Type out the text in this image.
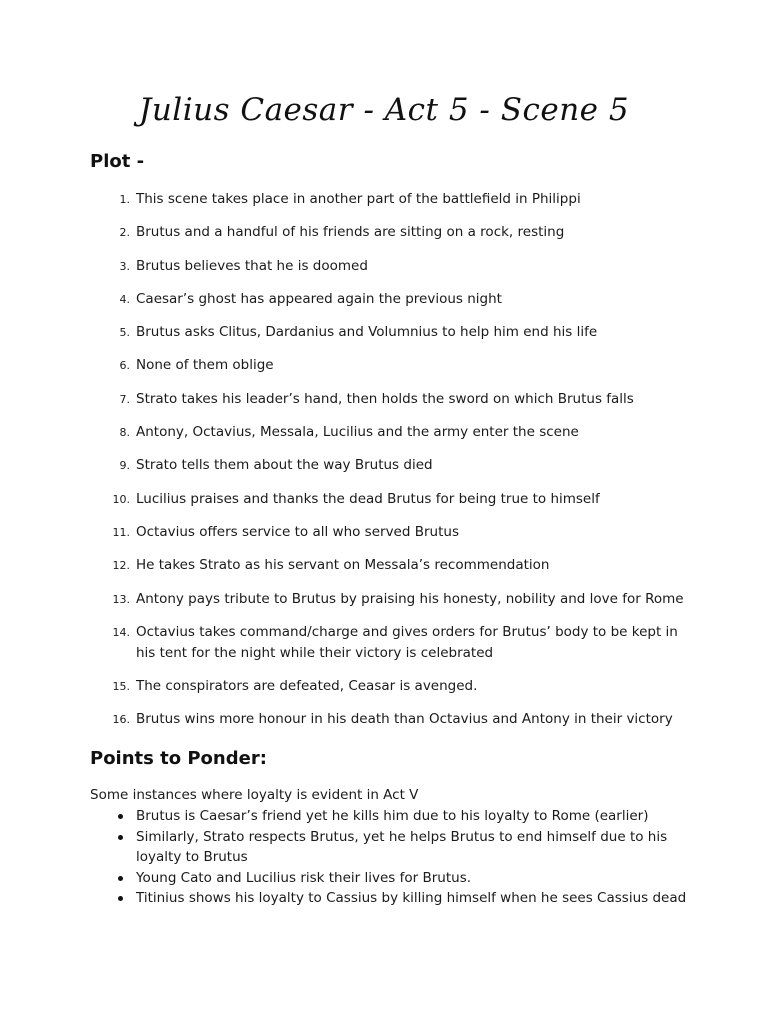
Julius Caesar - Act 5 - Scene 5
Plot -
1. This scene takes place in another part of the battlefield in Philippi
2. Brutus and a handful of his friends are sitting on a rock, resting
3. Brutus believes that he is doomed
4. Caesar’s ghost has appeared again the previous night
5. Brutus asks Clitus, Dardanius and Volumnius to help him end his life
6. None of them oblige
7. Strato takes his leader’s hand, then holds the sword on which Brutus falls
8. Antony, Octavius, Messala, Lucilius and the army enter the scene
9. Strato tells them about the way Brutus died
10. Lucilius praises and thanks the dead Brutus for being true to himself
11. Octavius offers service to all who served Brutus
12. He takes Strato as his servant on Messala’s recommendation
13. Antony pays tribute to Brutus by praising his honesty, nobility and love for Rome
14. Octavius takes command/charge and gives orders for Brutus’ body to be kept in his tent for the night while their victory is celebrated
15. The conspirators are defeated, Ceasar is avenged.
16. Brutus wins more honour in his death than Octavius and Antony in their victory
Points to Ponder:
Some instances where loyalty is evident in Act V
Brutus is Caesar’s friend yet he kills him due to his loyalty to Rome (earlier)
Similarly, Strato respects Brutus, yet he helps Brutus to end himself due to his loyalty to Brutus
Young Cato and Lucilius risk their lives for Brutus.
Titinius shows his loyalty to Cassius by killing himself when he sees Cassius dead
